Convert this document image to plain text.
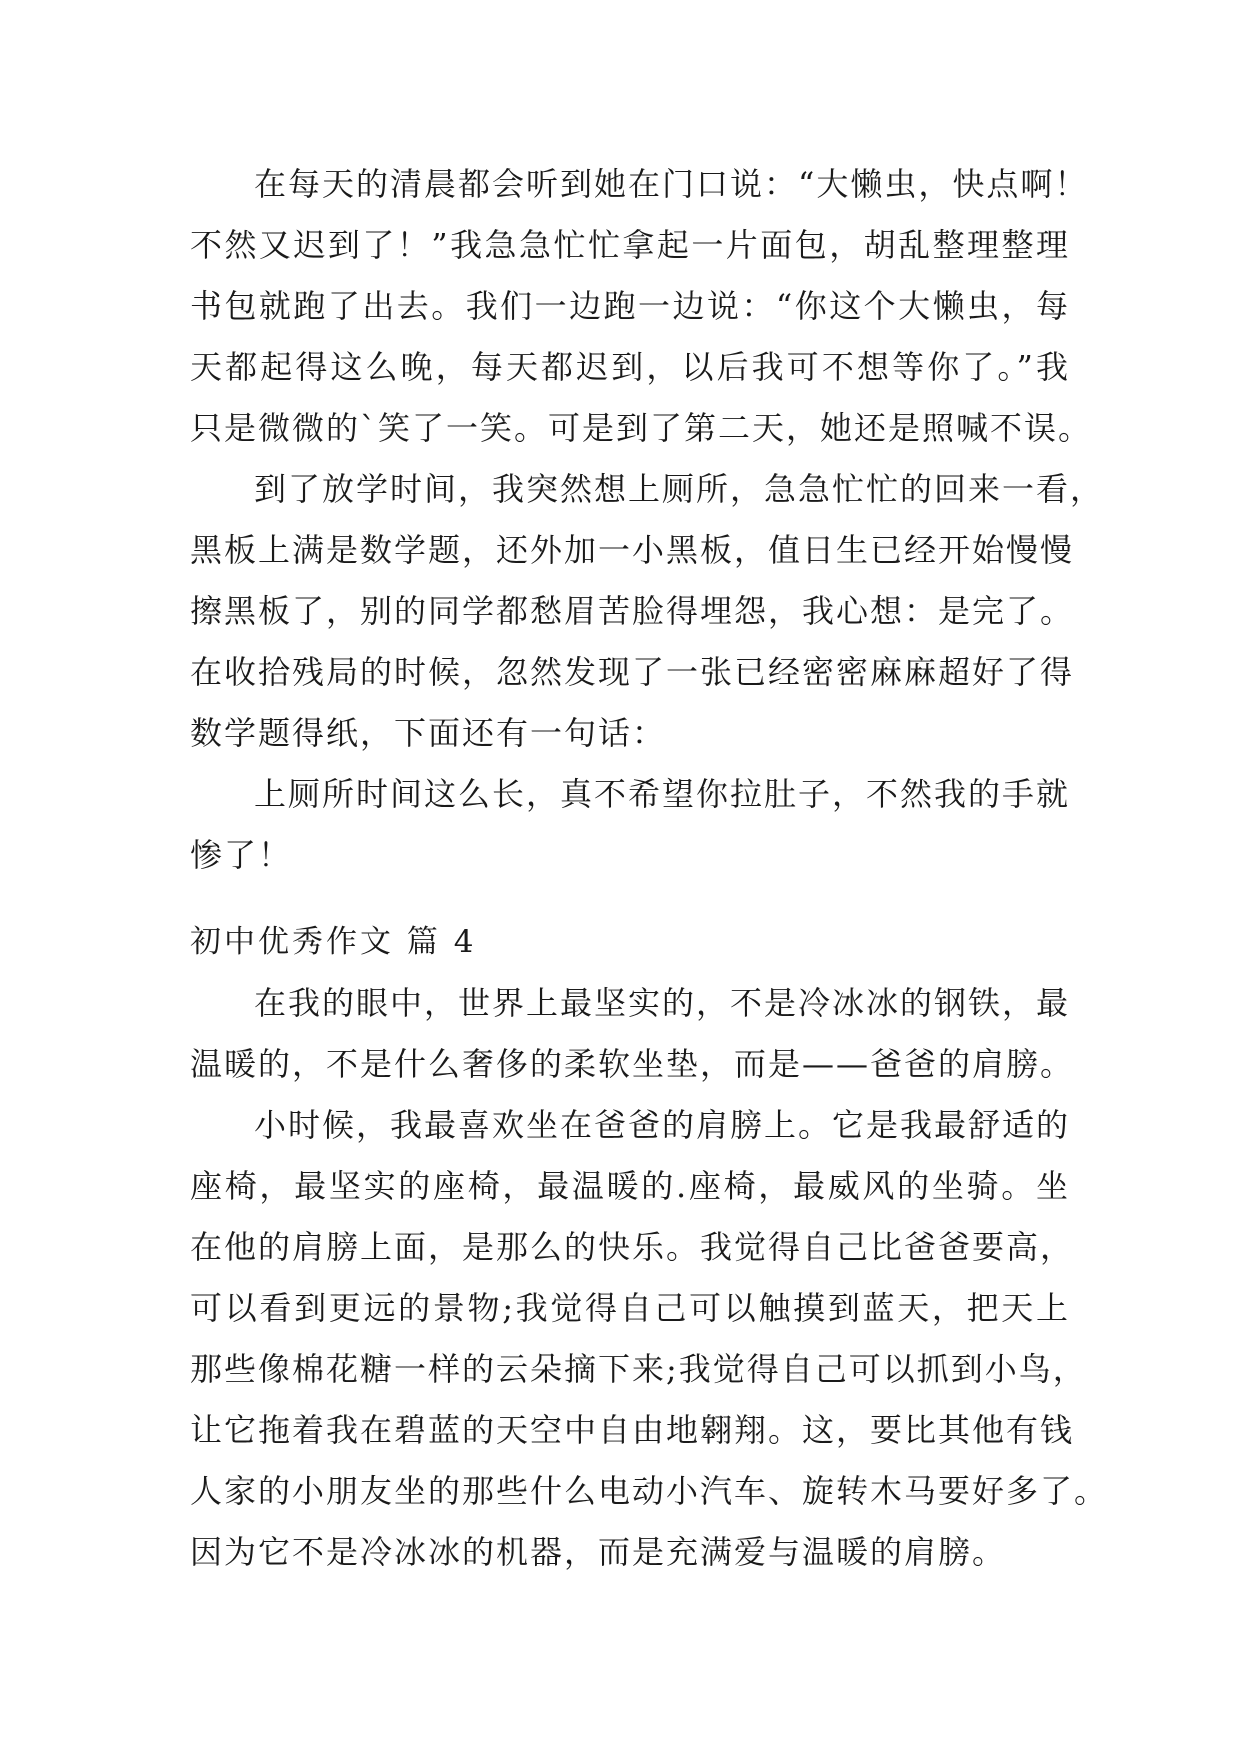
在每天的清晨都会听到她在门口说：“大懒虫，快点啊！
不然又迟到了！”我急急忙忙拿起一片面包，胡乱整理整理
书包就跑了出去。我们一边跑一边说：“你这个大懒虫，每
天都起得这么晚，每天都迟到，以后我可不想等你了。”我
只是微微的`笑了一笑。可是到了第二天，她还是照喊不误。
到了放学时间，我突然想上厕所，急急忙忙的回来一看，
黑板上满是数学题，还外加一小黑板，值日生已经开始慢慢
擦黑板了，别的同学都愁眉苦脸得埋怨，我心想：是完了。
在收拾残局的时候，忽然发现了一张已经密密麻麻超好了得
数学题得纸，下面还有一句话：
上厕所时间这么长，真不希望你拉肚子，不然我的手就
惨了！
初中优秀作文 篇 4
在我的眼中，世界上最坚实的，不是冷冰冰的钢铁，最
温暖的，不是什么奢侈的柔软坐垫，而是——爸爸的肩膀。
小时候，我最喜欢坐在爸爸的肩膀上。它是我最舒适的
座椅，最坚实的座椅，最温暖的.座椅，最威风的坐骑。坐
在他的肩膀上面，是那么的快乐。我觉得自己比爸爸要高，
可以看到更远的景物;我觉得自己可以触摸到蓝天，把天上
那些像棉花糖一样的云朵摘下来;我觉得自己可以抓到小鸟，
让它拖着我在碧蓝的天空中自由地翱翔。这，要比其他有钱
人家的小朋友坐的那些什么电动小汽车、旋转木马要好多了。
因为它不是冷冰冰的机器，而是充满爱与温暖的肩膀。
